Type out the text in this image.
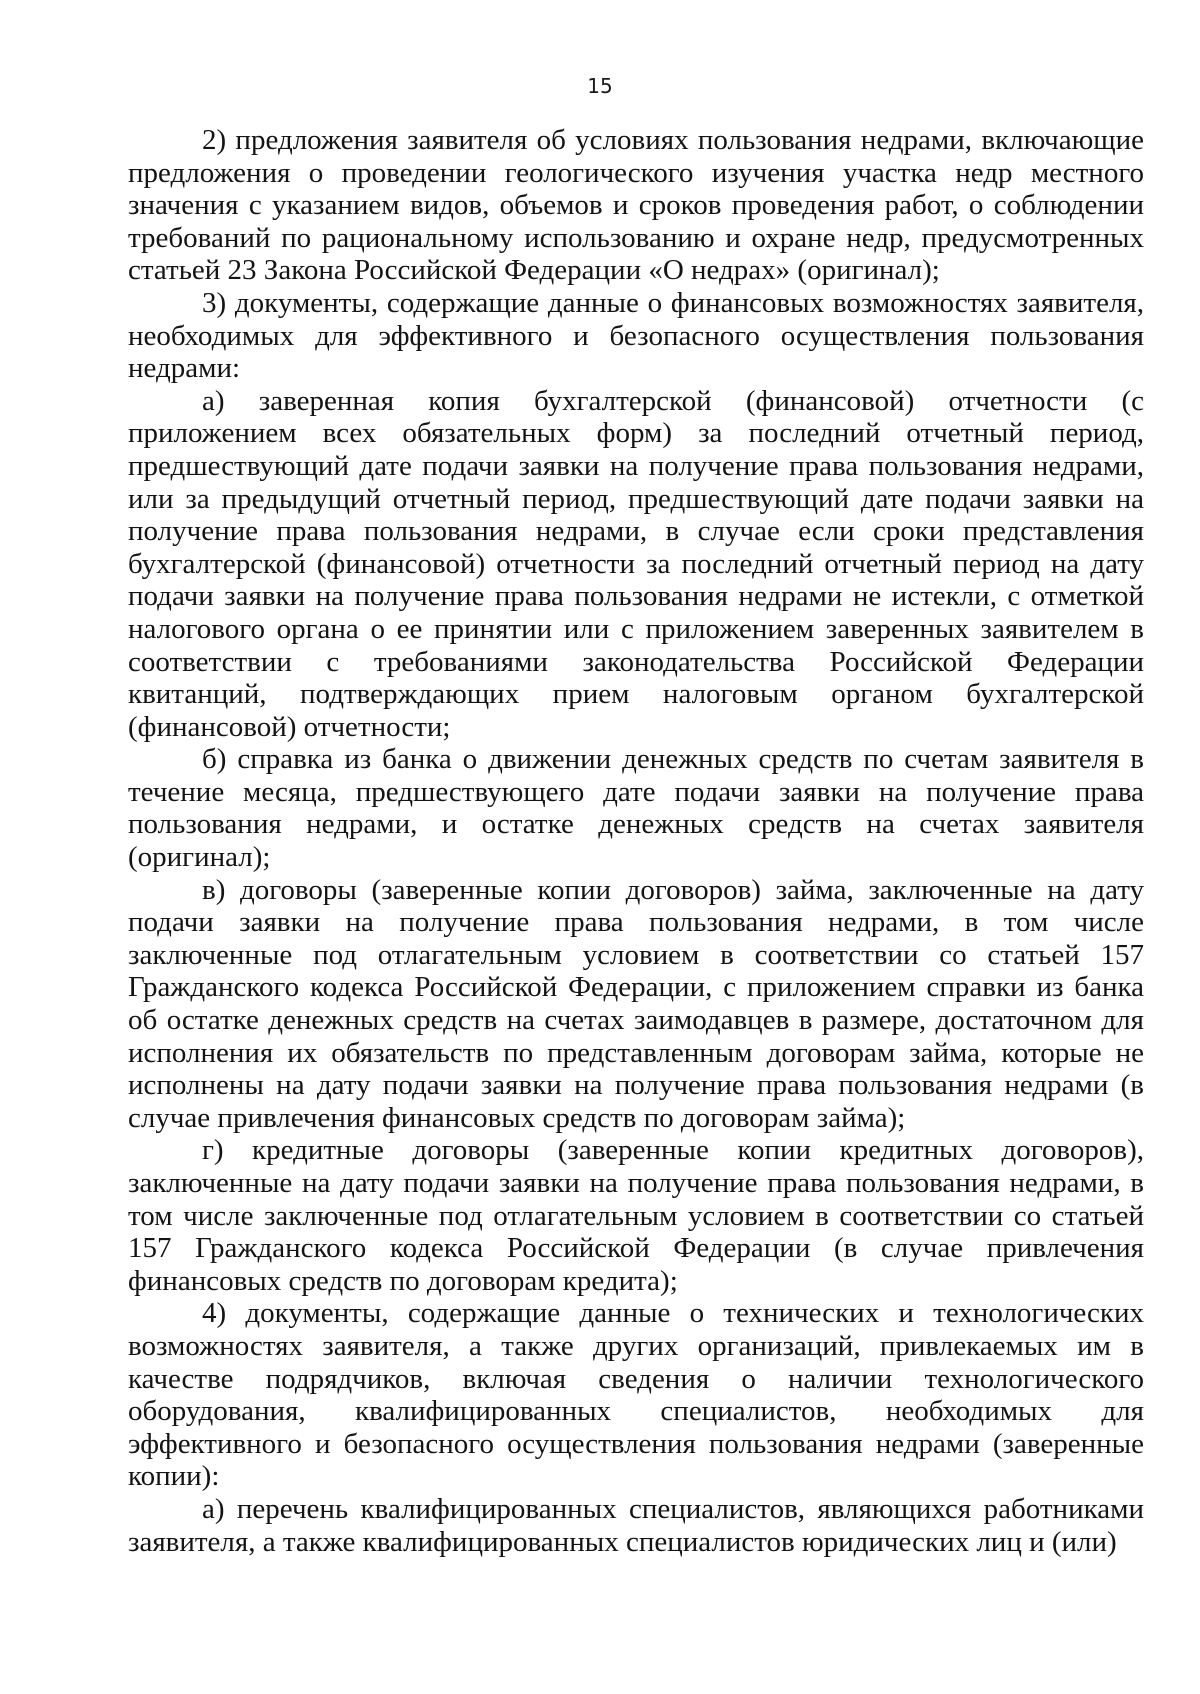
15

2) предложения заявителя об условиях пользования недрами, включающие предложения о проведении геологического изучения участка недр местного значения с указанием видов, объемов и сроков проведения работ, о соблюдении требований по рациональному использованию и охране недр, предусмотренных статьей 23 Закона Российской Федерации «О недрах» (оригинал);

3) документы, содержащие данные о финансовых возможностях заявителя, необходимых для эффективного и безопасного осуществления пользования недрами:

а) заверенная копия бухгалтерской (финансовой) отчетности (с приложением всех обязательных форм) за последний отчетный период, предшествующий дате подачи заявки на получение права пользования недрами, или за предыдущий отчетный период, предшествующий дате подачи заявки на получение права пользования недрами, в случае если сроки представления бухгалтерской (финансовой) отчетности за последний отчетный период на дату подачи заявки на получение права пользования недрами не истекли, с отметкой налогового органа о ее принятии или с приложением заверенных заявителем в соответствии с требованиями законодательства Российской Федерации квитанций, подтверждающих прием налоговым органом бухгалтерской (финансовой) отчетности;

б) справка из банка о движении денежных средств по счетам заявителя в течение месяца, предшествующего дате подачи заявки на получение права пользования недрами, и остатке денежных средств на счетах заявителя (оригинал);

в) договоры (заверенные копии договоров) займа, заключенные на дату подачи заявки на получение права пользования недрами, в том числе заключенные под отлагательным условием в соответствии со статьей 157 Гражданского кодекса Российской Федерации, с приложением справки из банка об остатке денежных средств на счетах заимодавцев в размере, достаточном для исполнения их обязательств по представленным договорам займа, которые не исполнены на дату подачи заявки на получение права пользования недрами (в случае привлечения финансовых средств по договорам займа);

г) кредитные договоры (заверенные копии кредитных договоров), заключенные на дату подачи заявки на получение права пользования недрами, в том числе заключенные под отлагательным условием в соответствии со статьей 157 Гражданского кодекса Российской Федерации (в случае привлечения финансовых средств по договорам кредита);

4) документы, содержащие данные о технических и технологических возможностях заявителя, а также других организаций, привлекаемых им в качестве подрядчиков, включая сведения о наличии технологического оборудования, квалифицированных специалистов, необходимых для эффективного и безопасного осуществления пользования недрами (заверенные копии):

а) перечень квалифицированных специалистов, являющихся работниками заявителя, а также квалифицированных специалистов юридических лиц и (или)
